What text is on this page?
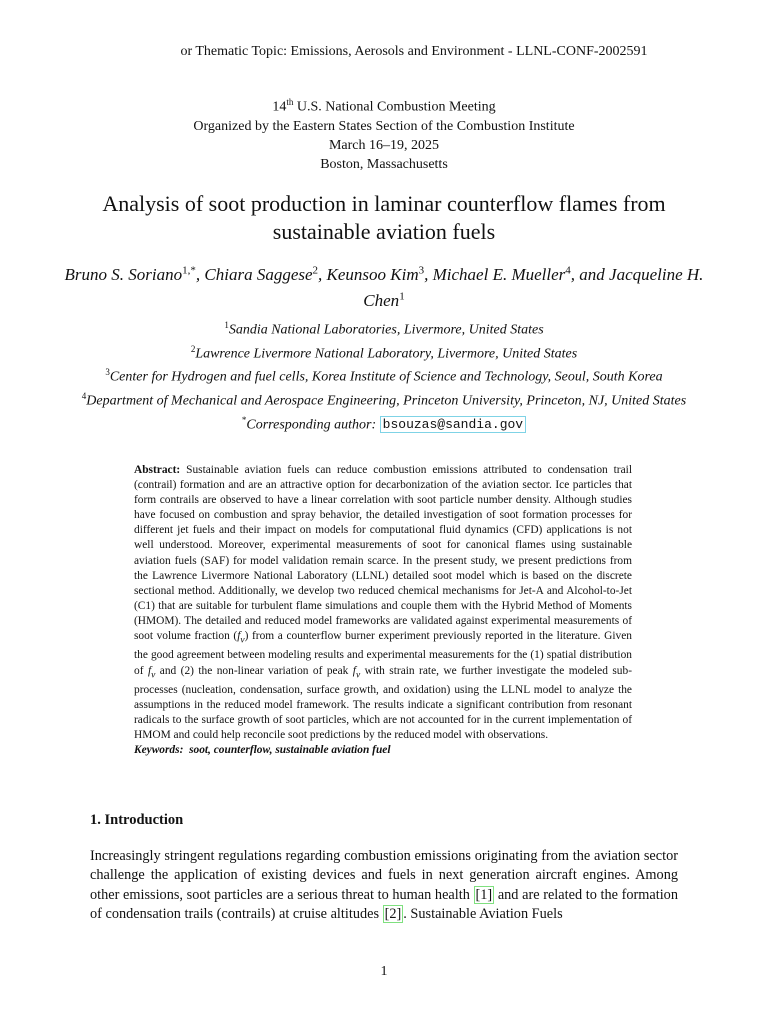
or Thematic Topic: Emissions, Aerosols and Environment - LLNL-CONF-2002591
14th U.S. National Combustion Meeting
Organized by the Eastern States Section of the Combustion Institute
March 16–19, 2025
Boston, Massachusetts
Analysis of soot production in laminar counterflow flames from sustainable aviation fuels
Bruno S. Soriano$^{1,*}$, Chiara Saggese$^2$, Keunsoo Kim$^3$, Michael E. Mueller$^4$, and Jacqueline H. Chen$^1$
$^1$Sandia National Laboratories, Livermore, United States
$^2$Lawrence Livermore National Laboratory, Livermore, United States
$^3$Center for Hydrogen and fuel cells, Korea Institute of Science and Technology, Seoul, South Korea
$^4$Department of Mechanical and Aerospace Engineering, Princeton University, Princeton, NJ, United States
*Corresponding author: bsouzas@sandia.gov
Abstract: Sustainable aviation fuels can reduce combustion emissions attributed to condensation trail (contrail) formation and are an attractive option for decarbonization of the aviation sector. Ice particles that form contrails are observed to have a linear correlation with soot particle number density. Although studies have focused on combustion and spray behavior, the detailed investigation of soot formation processes for different jet fuels and their impact on models for computational fluid dynamics (CFD) applications is not well understood. Moreover, experimental measurements of soot for canonical flames using sustainable aviation fuels (SAF) for model validation remain scarce. In the present study, we present predictions from the Lawrence Livermore National Laboratory (LLNL) detailed soot model which is based on the discrete sectional method. Additionally, we develop two reduced chemical mechanisms for Jet-A and Alcohol-to-Jet (C1) that are suitable for turbulent flame simulations and couple them with the Hybrid Method of Moments (HMOM). The detailed and reduced model frameworks are validated against experimental measurements of soot volume fraction $(f_v)$ from a counterflow burner experiment previously reported in the literature. Given the good agreement between modeling results and experimental measurements for the (1) spatial distribution of $f_v$ and (2) the non-linear variation of peak $f_v$ with strain rate, we further investigate the modeled sub-processes (nucleation, condensation, surface growth, and oxidation) using the LLNL model to analyze the assumptions in the reduced model framework. The results indicate a significant contribution from resonant radicals to the surface growth of soot particles, which are not accounted for in the current implementation of HMOM and could help reconcile soot predictions by the reduced model with observations.
Keywords: soot, counterflow, sustainable aviation fuel
1. Introduction
Increasingly stringent regulations regarding combustion emissions originating from the aviation sector challenge the application of existing devices and fuels in next generation aircraft engines. Among other emissions, soot particles are a serious threat to human health [1] and are related to the formation of condensation trails (contrails) at cruise altitudes [2] . Sustainable Aviation Fuels
1
